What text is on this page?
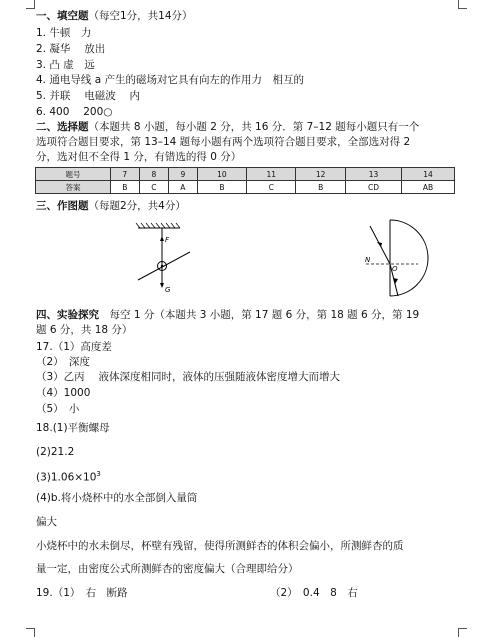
一、填空题（每空1分，共14分）
1. 牛顿　力
2. 凝华　 放出
3. 凸 虚　远
4. 通电导线 a 产生的磁场对它具有向左的作用力　相互的
5. 并联　 电磁波　 内
6. 400　 200○
二、选择题（本题共 8 小题，每小题 2 分，共 16 分．第 7–12 题每小题只有一个
选项符合题目要求，第 13–14 题每小题有两个选项符合题目要求，全部选对得 2
分，选对但不全得 1 分，有错选的得 0 分）
题号	7	8	9	10	11	12	13	14
答案	B	C	A	B	C	B	CD	AB
三、作图题（每题2分，共4分）
F
G
N
O
四、实验探究　每空 1 分（本题共 3 小题，第 17 题 6 分，第 18 题 6 分，第 19
题 6 分，共 18 分）
17.（1）高度差
（2）　深度
（3）乙丙　 液体深度相同时，液体的压强随液体密度增大而增大
（4）1000
（5）　小
18.(1)平衡螺母
(2)21.2
$(3)1.06\times 10^3$
(4)b.将小烧杯中的水全部倒入量筒
偏大
小烧杯中的水未倒尽，杯壁有残留，使得所测鲜杏的体积会偏小，所测鲜杏的质
量一定，由密度公式所测鲜杏的密度偏大（合理即给分）
19.（1）　右　断路	（2）　0.4　8　右
